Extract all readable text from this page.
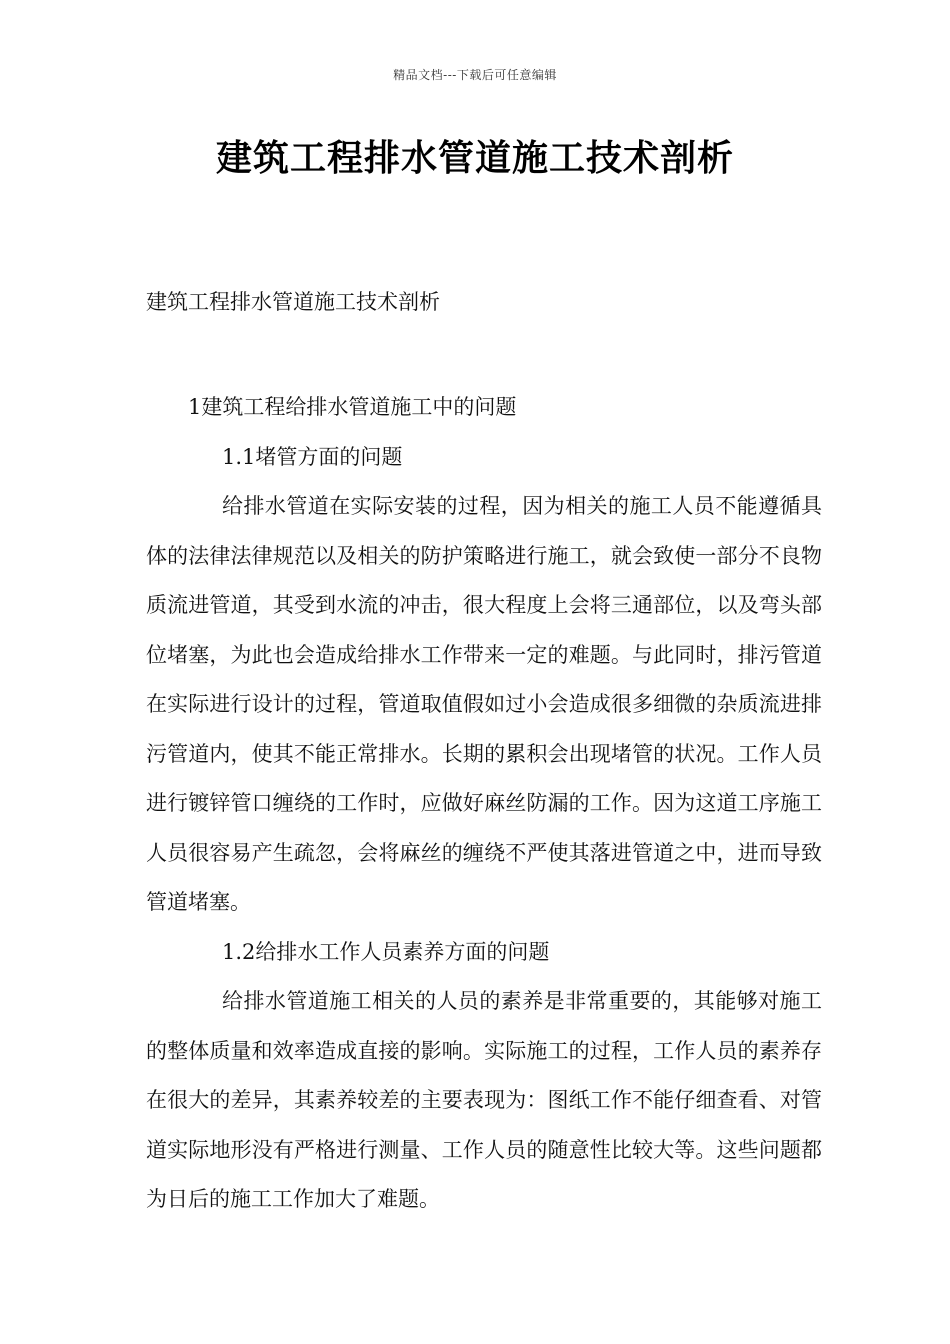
精品文档---下载后可任意编辑
建筑工程排水管道施工技术剖析
建筑工程排水管道施工技术剖析

1建筑工程给排水管道施工中的问题

1.1堵管方面的问题

给排水管道在实际安装的过程，因为相关的施工人员不能遵循具体的法律法律规范以及相关的防护策略进行施工，就会致使一部分不良物质流进管道，其受到水流的冲击，很大程度上会将三通部位，以及弯头部位堵塞，为此也会造成给排水工作带来一定的难题。与此同时，排污管道在实际进行设计的过程，管道取值假如过小会造成很多细微的杂质流进排污管道内，使其不能正常排水。长期的累积会出现堵管的状况。工作人员进行镀锌管口缠绕的工作时，应做好麻丝防漏的工作。因为这道工序施工人员很容易产生疏忽，会将麻丝的缠绕不严使其落进管道之中，进而导致管道堵塞。

1.2给排水工作人员素养方面的问题

给排水管道施工相关的人员的素养是非常重要的，其能够对施工的整体质量和效率造成直接的影响。实际施工的过程，工作人员的素养存在很大的差异，其素养较差的主要表现为：图纸工作不能仔细查看、对管道实际地形没有严格进行测量、工作人员的随意性比较大等。这些问题都为日后的施工工作加大了难题。
